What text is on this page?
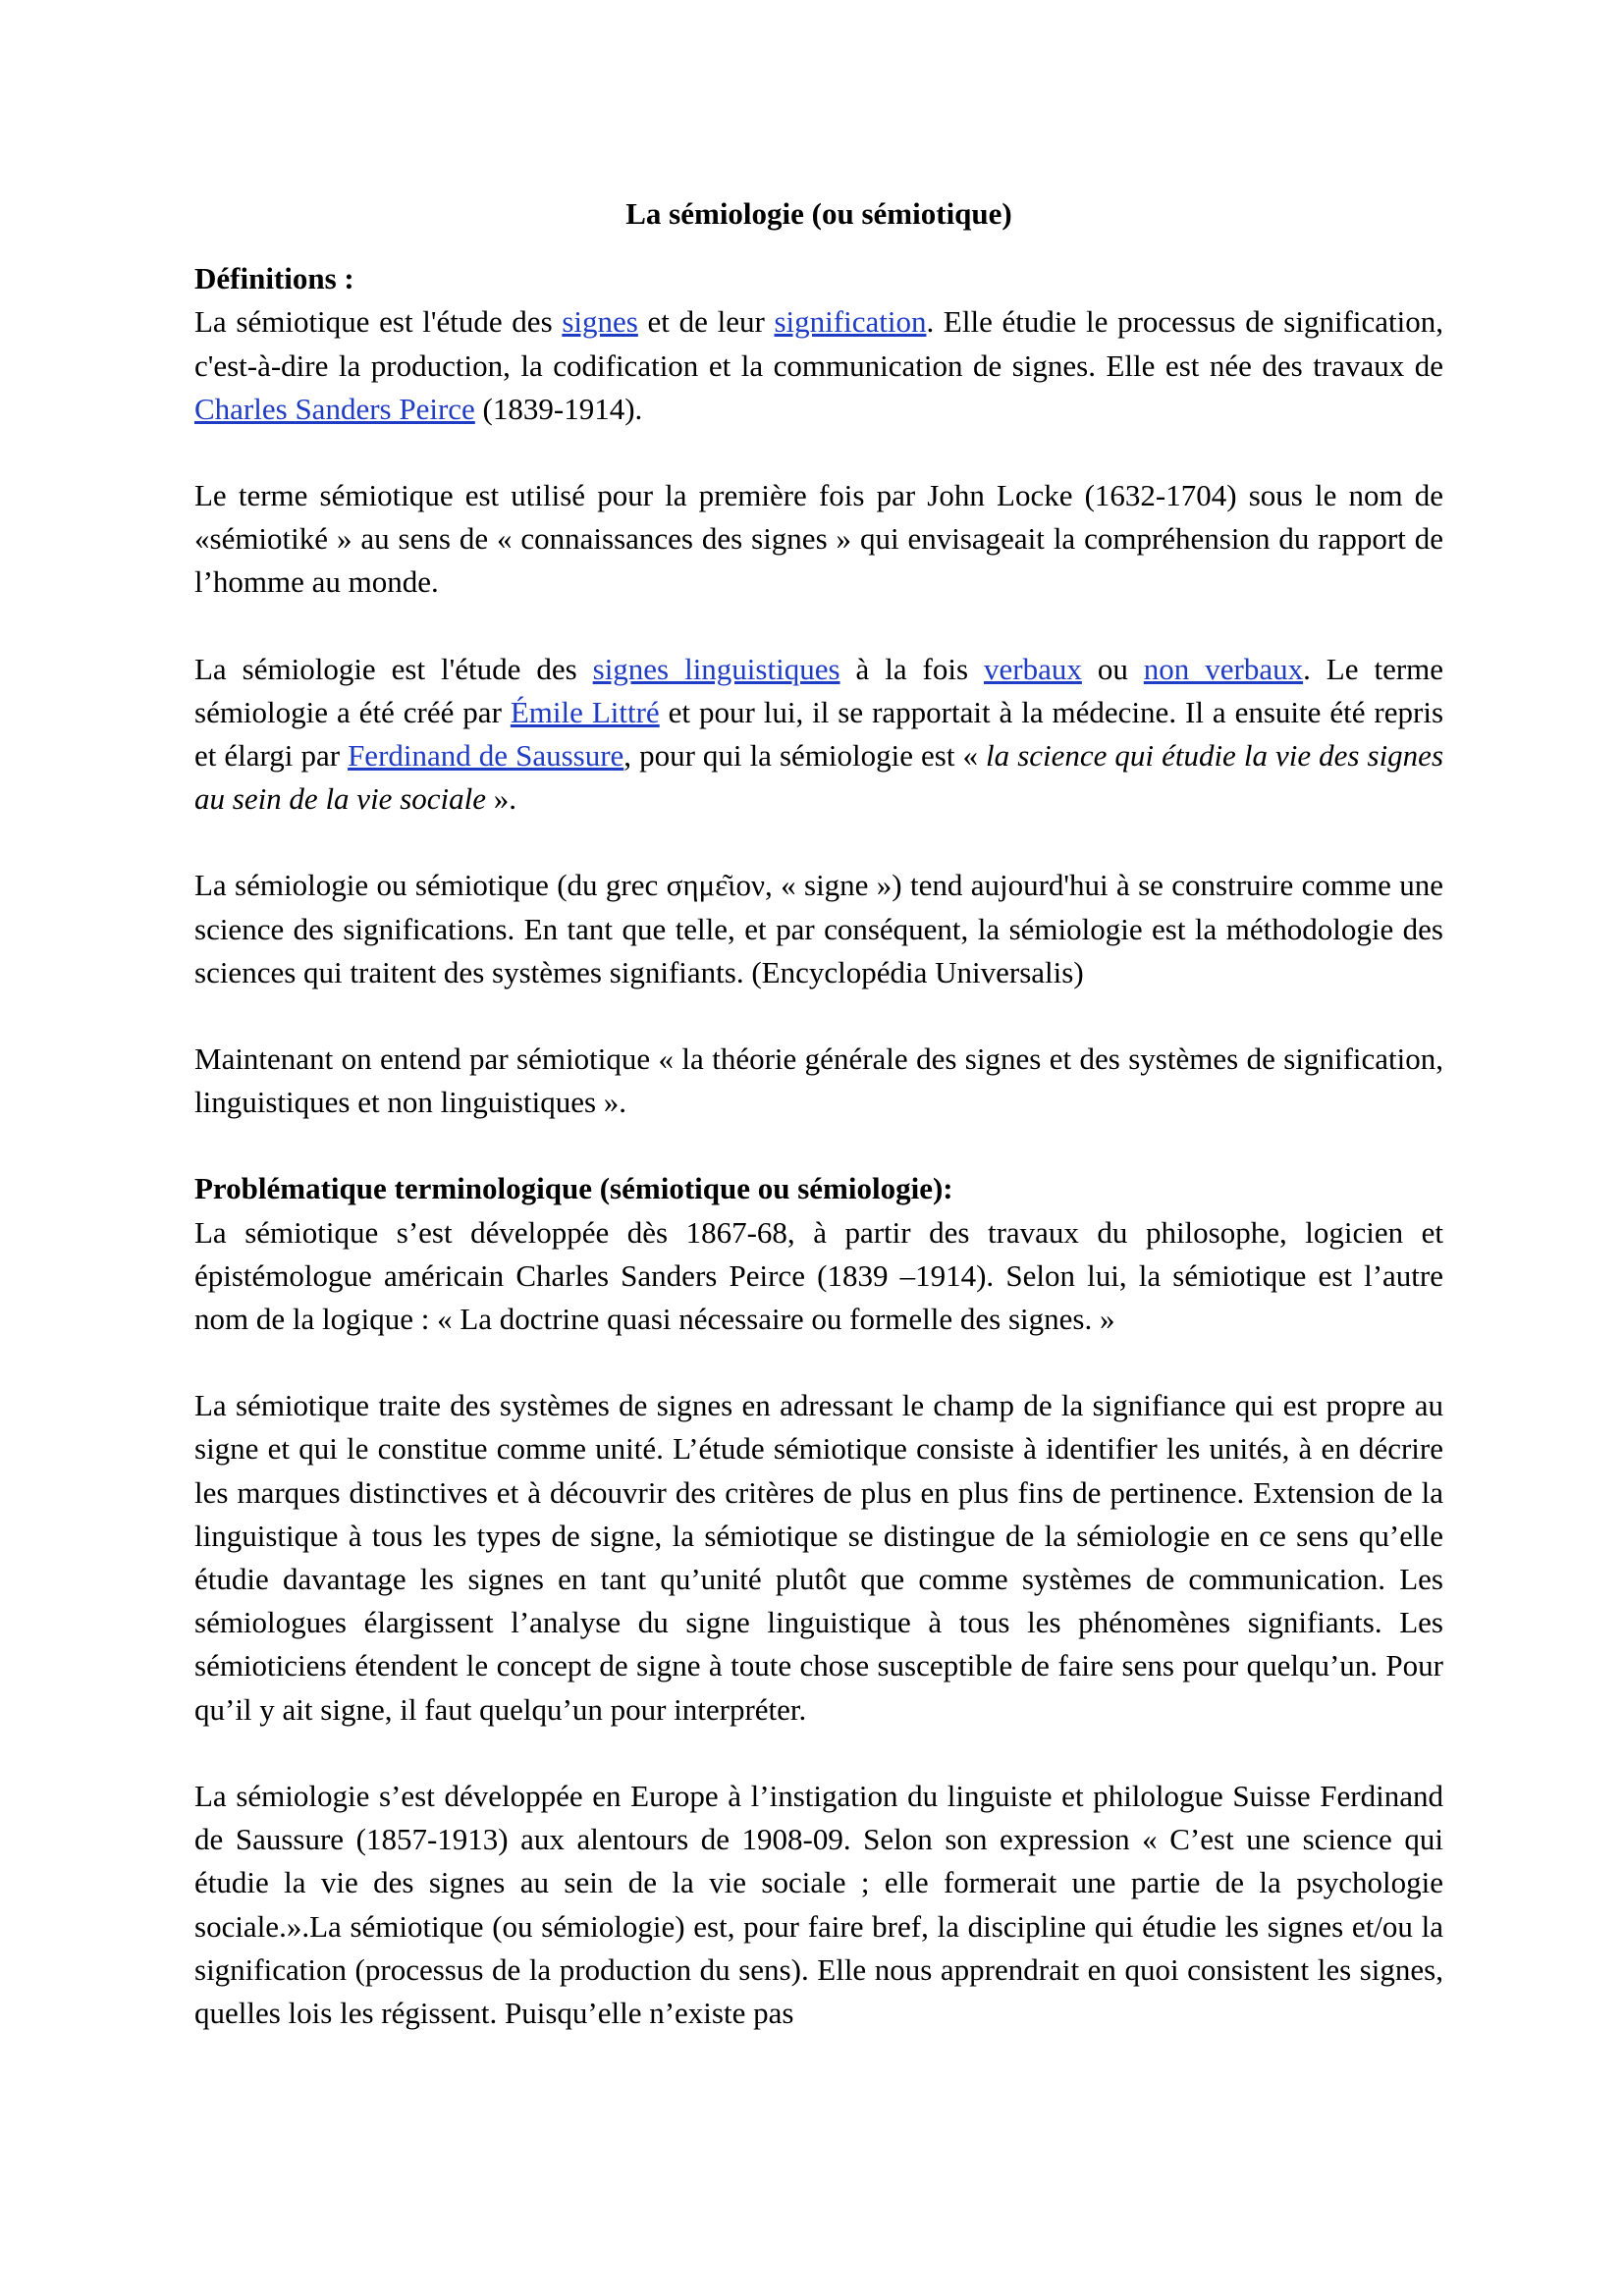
La sémiologie (ou sémiotique)

Définitions :

La sémiotique est l'étude des signes et de leur signification. Elle étudie le processus de signification, c'est-à-dire la production, la codification et la communication de signes. Elle est née des travaux de Charles Sanders Peirce (1839-1914).

Le terme sémiotique est utilisé pour la première fois par John Locke (1632-1704) sous le nom de «sémiotiké » au sens de « connaissances des signes » qui envisageait la compréhension du rapport de l’homme au monde.

La sémiologie est l'étude des signes linguistiques à la fois verbaux ou non verbaux. Le terme sémiologie a été créé par Émile Littré et pour lui, il se rapportait à la médecine. Il a ensuite été repris et élargi par Ferdinand de Saussure, pour qui la sémiologie est « la science qui étudie la vie des signes au sein de la vie sociale ».

La sémiologie ou sémiotique (du grec σημε͂ιον, « signe ») tend aujourd'hui à se construire comme une science des significations. En tant que telle, et par conséquent, la sémiologie est la méthodologie des sciences qui traitent des systèmes signifiants. (Encyclopédia Universalis)

Maintenant on entend par sémiotique « la théorie générale des signes et des systèmes de signification, linguistiques et non linguistiques ».

Problématique terminologique (sémiotique ou sémiologie):

La sémiotique s’est développée dès 1867-68, à partir des travaux du philosophe, logicien et épistémologue américain Charles Sanders Peirce (1839 –1914). Selon lui, la sémiotique est l’autre nom de la logique : « La doctrine quasi nécessaire ou formelle des signes. »

La sémiotique traite des systèmes de signes en adressant le champ de la signifiance qui est propre au signe et qui le constitue comme unité. L’étude sémiotique consiste à identifier les unités, à en décrire les marques distinctives et à découvrir des critères de plus en plus fins de pertinence. Extension de la linguistique à tous les types de signe, la sémiotique se distingue de la sémiologie en ce sens qu’elle étudie davantage les signes en tant qu’unité plutôt que comme systèmes de communication. Les sémiologues élargissent l’analyse du signe linguistique à tous les phénomènes signifiants. Les sémioticiens étendent le concept de signe à toute chose susceptible de faire sens pour quelqu’un. Pour qu’il y ait signe, il faut quelqu’un pour interpréter.

La sémiologie s’est développée en Europe à l’instigation du linguiste et philologue Suisse Ferdinand de Saussure (1857-1913) aux alentours de 1908-09. Selon son expression « C’est une science qui étudie la vie des signes au sein de la vie sociale ; elle formerait une partie de la psychologie sociale.».La sémiotique (ou sémiologie) est, pour faire bref, la discipline qui étudie les signes et/ou la signification (processus de la production du sens). Elle nous apprendrait en quoi consistent les signes, quelles lois les régissent. Puisqu’elle n’existe pas
